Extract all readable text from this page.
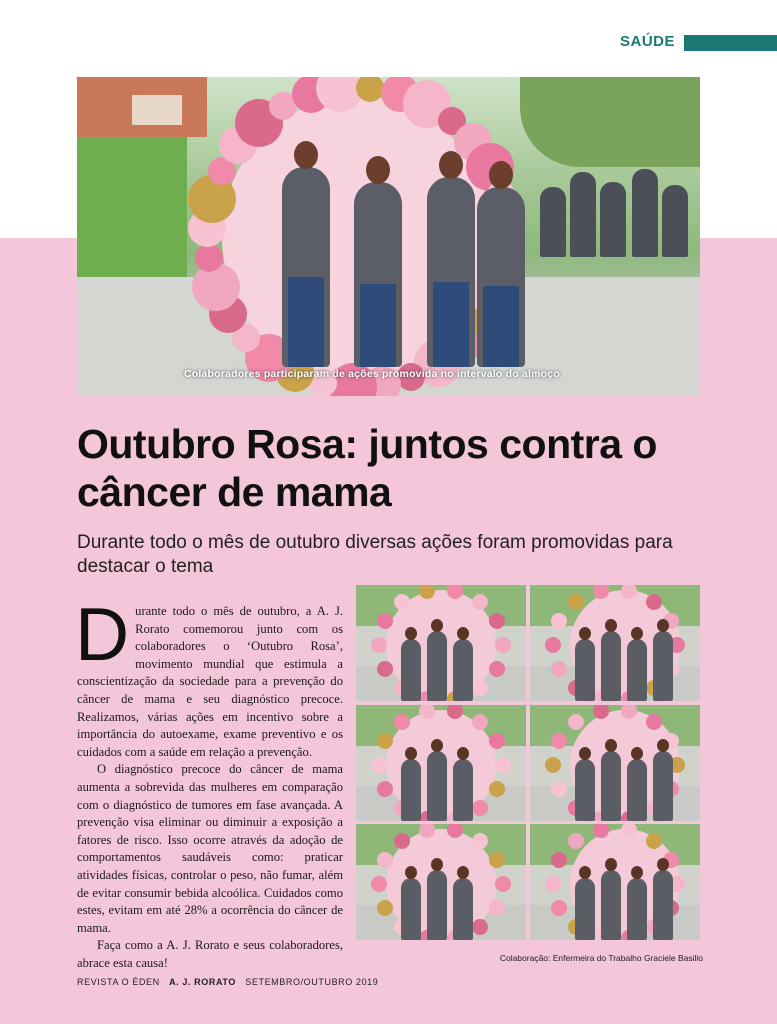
SAÚDE
Colaboradores participaram de ações promovida no intervalo do almoço
Outubro Rosa: juntos contra o câncer de mama
Durante todo o mês de outubro diversas ações foram promovidas para destacar o tema

Durante todo o mês de outubro, a A. J. Rorato comemorou junto com os colaboradores o ‘Outubro Rosa’, movimento mundial que estimula a conscientização da sociedade para a prevenção do câncer de mama e seu diagnóstico precoce. Realizamos, várias ações em incentivo sobre a importância do autoexame, exame preventivo e os cuidados com a saúde em relação a prevenção.

O diagnóstico precoce do câncer de mama aumenta a sobrevida das mulheres em comparação com o diagnóstico de tumores em fase avançada. A prevenção visa eliminar ou diminuir a exposição a fatores de risco. Isso ocorre através da adoção de comportamentos saudáveis como: praticar atividades físicas, controlar o peso, não fumar, além de evitar consumir bebida alcoólica. Cuidados como estes, evitam em até 28% a ocorrência do câncer de mama.

Faça como a A. J. Rorato e seus colaboradores, abrace esta causa!	Colaboração: Enfermeira do Trabalho Graciele Basilio
REVISTA O ÉDEN A. J. RORATO SETEMBRO/OUTUBRO 2019
